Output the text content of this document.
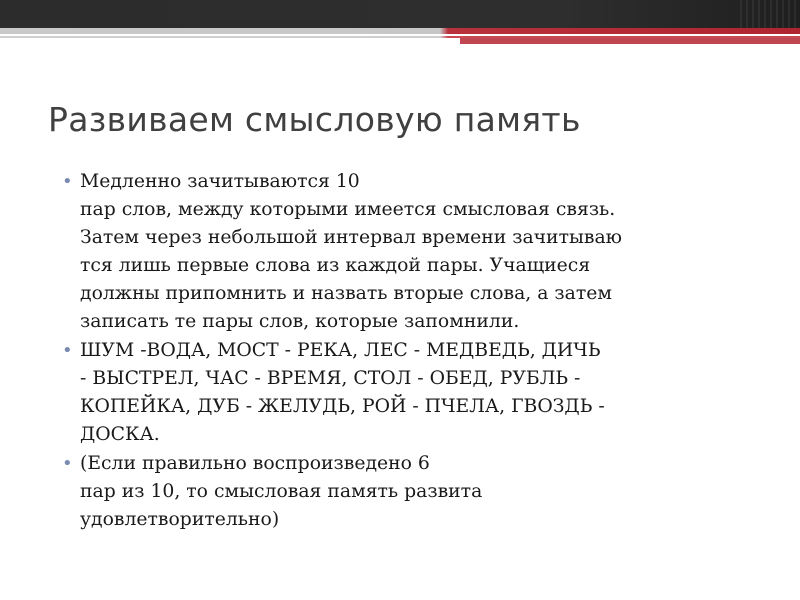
Развиваем смысловую память
• Медленно зачитываются 10
пар слов, между которыми имеется смысловая связь.
Затем через небольшой интервал времени зачитываю
тся лишь первые слова из каждой пары. Учащиеся
должны припомнить и назвать вторые слова, а затем
записать те пары слов, которые запомнили.
• ШУМ -ВОДА, МОСТ - РЕКА, ЛЕС - МЕДВЕДЬ, ДИЧЬ
- ВЫСТРЕЛ, ЧАС - ВРЕМЯ, СТОЛ - ОБЕД, РУБЛЬ -
КОПЕЙКА, ДУБ - ЖЕЛУДЬ, РОЙ - ПЧЕЛА, ГВОЗДЬ -
ДОСКА.
• (Если правильно воспроизведено 6
пар из 10, то смысловая память развита
удовлетворительно)
